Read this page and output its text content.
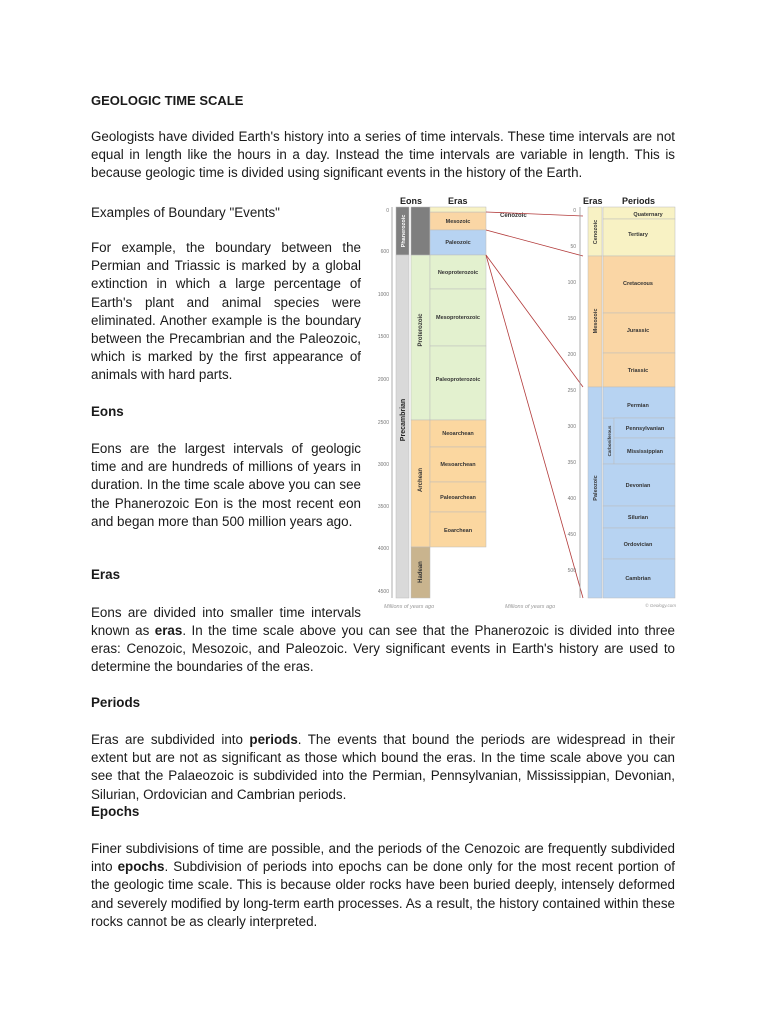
GEOLOGIC TIME SCALE
Geologists have divided Earth's history into a series of time intervals. These time intervals are not equal in length like the hours in a day. Instead the time intervals are variable in length. This is because geologic time is divided using significant events in the history of the Earth.
Examples of Boundary "Events"
For example, the boundary between the Permian and Triassic is marked by a global extinction in which a large percentage of Earth's plant and animal species were eliminated. Another example is the boundary between the Precambrian and the Paleozoic, which is marked by the first appearance of animals with hard parts.
Eons
Eons are the largest intervals of geologic time and are hundreds of millions of years in duration. In the time scale above you can see the Phanerozoic Eon is the most recent eon and began more than 500 million years ago.
Eras
Eons are divided into smaller time intervals
known as eras. In the time scale above you can see that the Phanerozoic is divided into three eras: Cenozoic, Mesozoic, and Paleozoic. Very significant events in Earth's history are used to determine the boundaries of the eras.
Periods
Eras are subdivided into periods. The events that bound the periods are widespread in their extent but are not as significant as those which bound the eras. In the time scale above you can see that the Palaeozoic is subdivided into the Permian, Pennsylvanian, Mississippian, Devonian, Silurian, Ordovician and Cambrian periods.
Epochs
Finer subdivisions of time are possible, and the periods of the Cenozoic are frequently subdivided into epochs. Subdivision of periods into epochs can be done only for the most recent portion of the geologic time scale. This is because older rocks have been buried deeply, intensely deformed and severely modified by long-term earth processes. As a result, the history contained within these rocks cannot be as clearly interpreted.
Eons	Eras	Eras Periods
0
600
1000
1500
2000
2500
3000
3500
4000
4500
Phanerozoic
Precambrian
Proterozoic
Archean
Hadean
Mesozoic
Paleozoic
Neoproterozoic
Mesoproterozoic
Paleoproterozoic
Neoarchean
Mesoarchean
Paleoarchean
Eoarchean
Cenozoic
0
50
100
150
200
250
300
350
400
450
500
Cenozoic
Mesozoic
Paleozoic
Carboniferous
Quaternary
Tertiary
Cretaceous
Jurassic
Triassic
Permian
Pennsylvanian
Mississippian
Devonian
Silurian
Ordovician
Cambrian
Millions of years ago	Millions of years ago	© Geology.com
